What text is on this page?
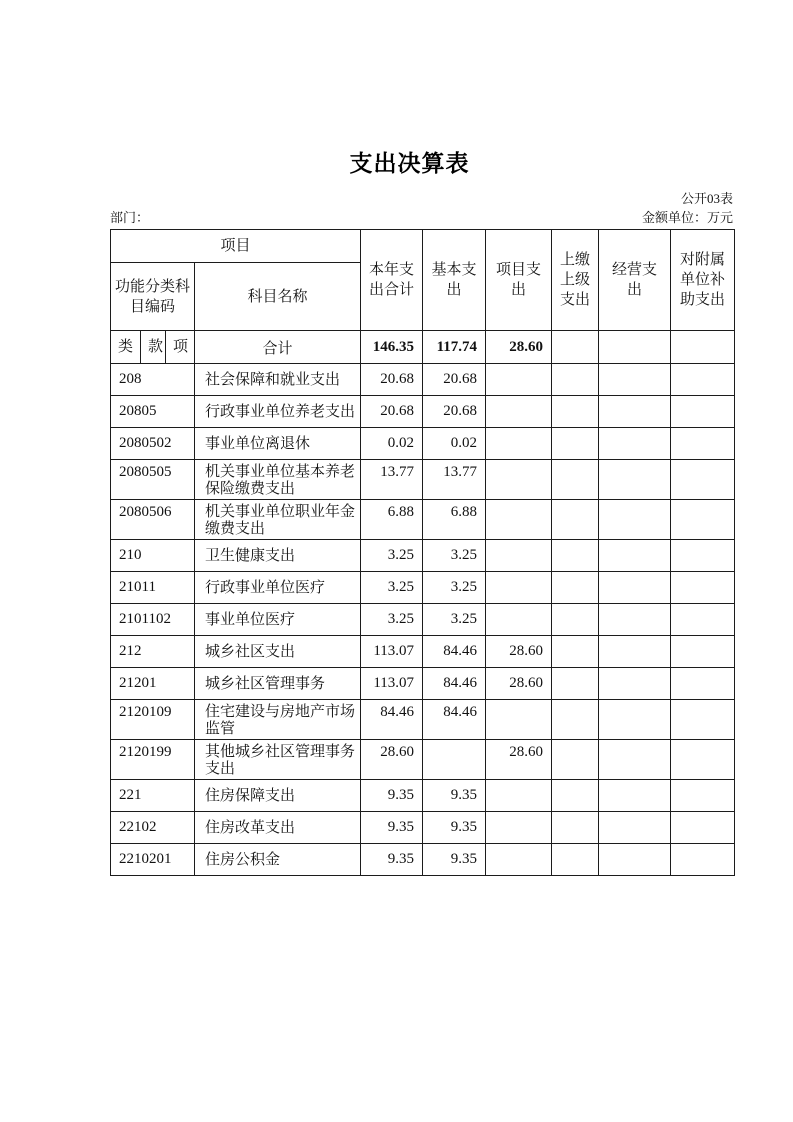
支出决算表
公开03表
部门：	金额单位：万元
项目				本年支出合计	基本支出	项目支出	上缴上级支出	经营支出	对附属单位补助支出
功能分类科目编码			科目名称						
类	款	项	合计	146.35	117.74	28.60			
208			社会保障和就业支出	20.68	20.68				
20805			行政事业单位养老支出	20.68	20.68				
2080502			事业单位离退休	0.02	0.02				
2080505			机关事业单位基本养老保险缴费支出	13.77	13.77				
2080506			机关事业单位职业年金缴费支出	6.88	6.88				
210			卫生健康支出	3.25	3.25				
21011			行政事业单位医疗	3.25	3.25				
2101102			事业单位医疗	3.25	3.25				
212			城乡社区支出	113.07	84.46	28.60			
21201			城乡社区管理事务	113.07	84.46	28.60			
2120109			住宅建设与房地产市场监管	84.46	84.46				
2120199			其他城乡社区管理事务支出	28.60		28.60			
221			住房保障支出	9.35	9.35				
22102			住房改革支出	9.35	9.35				
2210201			住房公积金	9.35	9.35				
